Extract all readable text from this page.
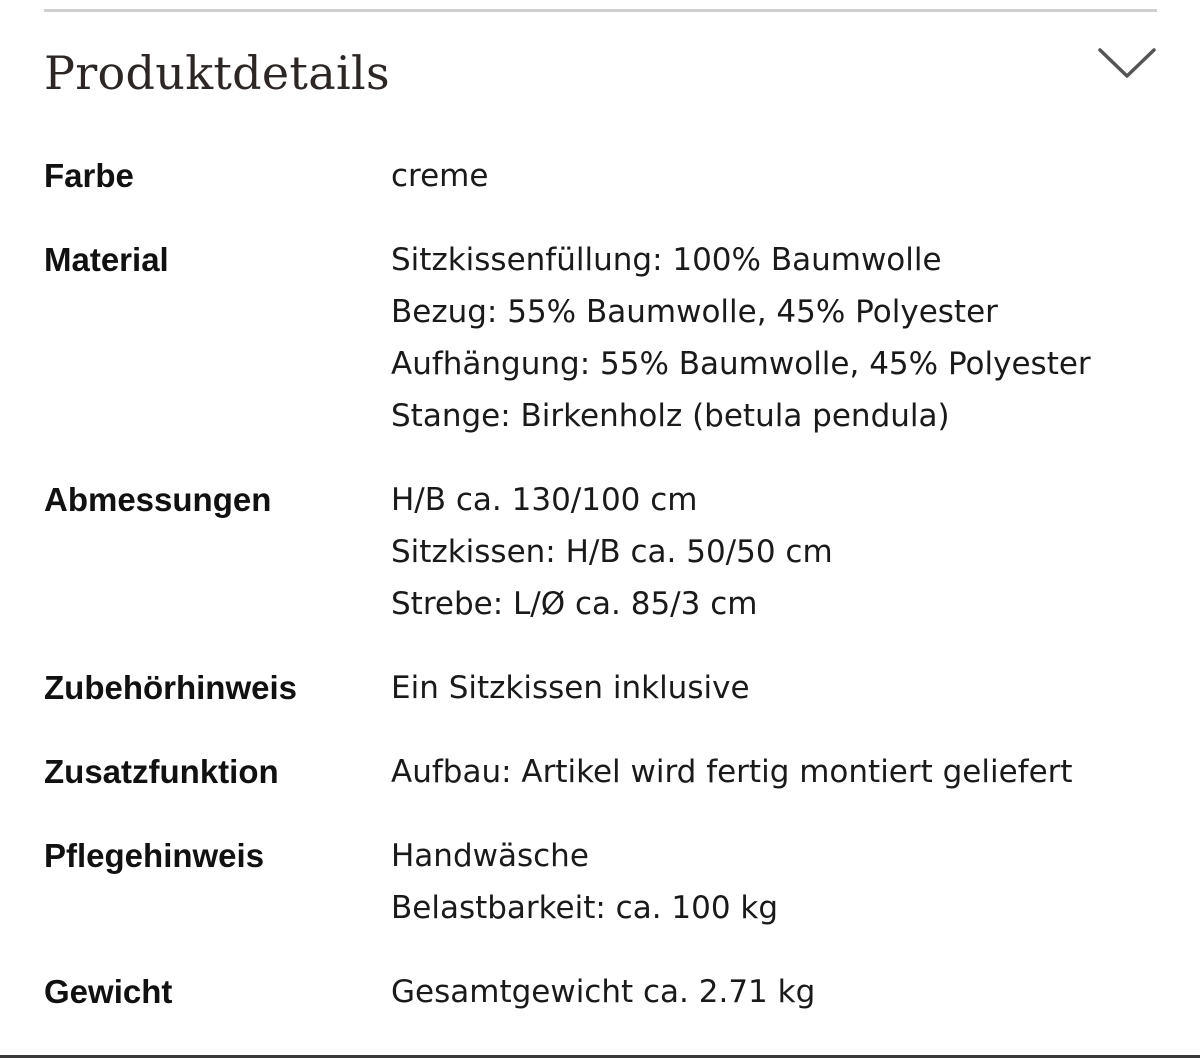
Produktdetails
Farbe	creme
Material	Sitzkissenfüllung: 100% Baumwolle
Bezug: 55% Baumwolle, 45% Polyester
Aufhängung: 55% Baumwolle, 45% Polyester
Stange: Birkenholz (betula pendula)
Abmessungen	H/B ca. 130/100 cm
Sitzkissen: H/B ca. 50/50 cm
Strebe: L/Ø ca. 85/3 cm
Zubehörhinweis	Ein Sitzkissen inklusive
Zusatzfunktion	Aufbau: Artikel wird fertig montiert geliefert
Pflegehinweis	Handwäsche
Belastbarkeit: ca. 100 kg
Gewicht	Gesamtgewicht ca. 2.71 kg
